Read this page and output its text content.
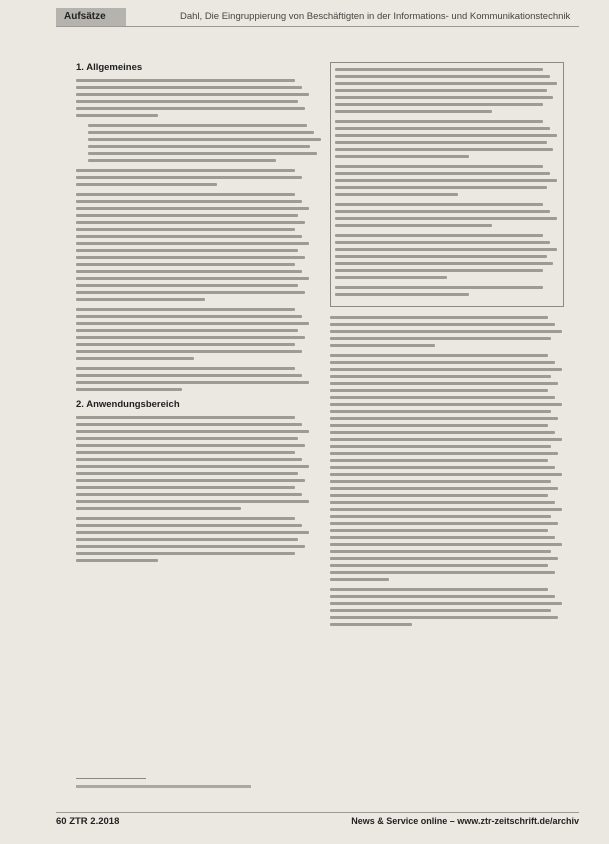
Aufsätze	Dahl, Die Eingruppierung von Beschäftigten in der Informations- und Kommunikationstechnik
1. Allgemeines
2. Anwendungsbereich
60 ZTR 2.2018	News & Service online – www.ztr-zeitschrift.de/archiv
